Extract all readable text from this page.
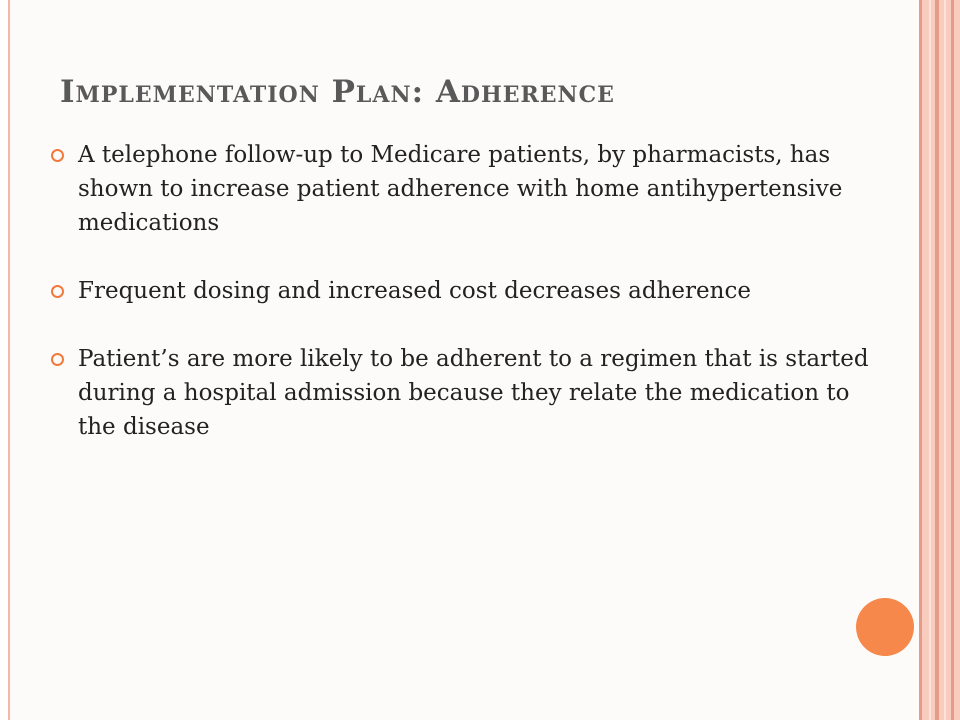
Implementation Plan: Adherence
A telephone follow-up to Medicare patients, by pharmacists, has shown to increase patient adherence with home antihypertensive medications
Frequent dosing and increased cost decreases adherence
Patient’s are more likely to be adherent to a regimen that is started during a hospital admission because they relate the medication to the disease
